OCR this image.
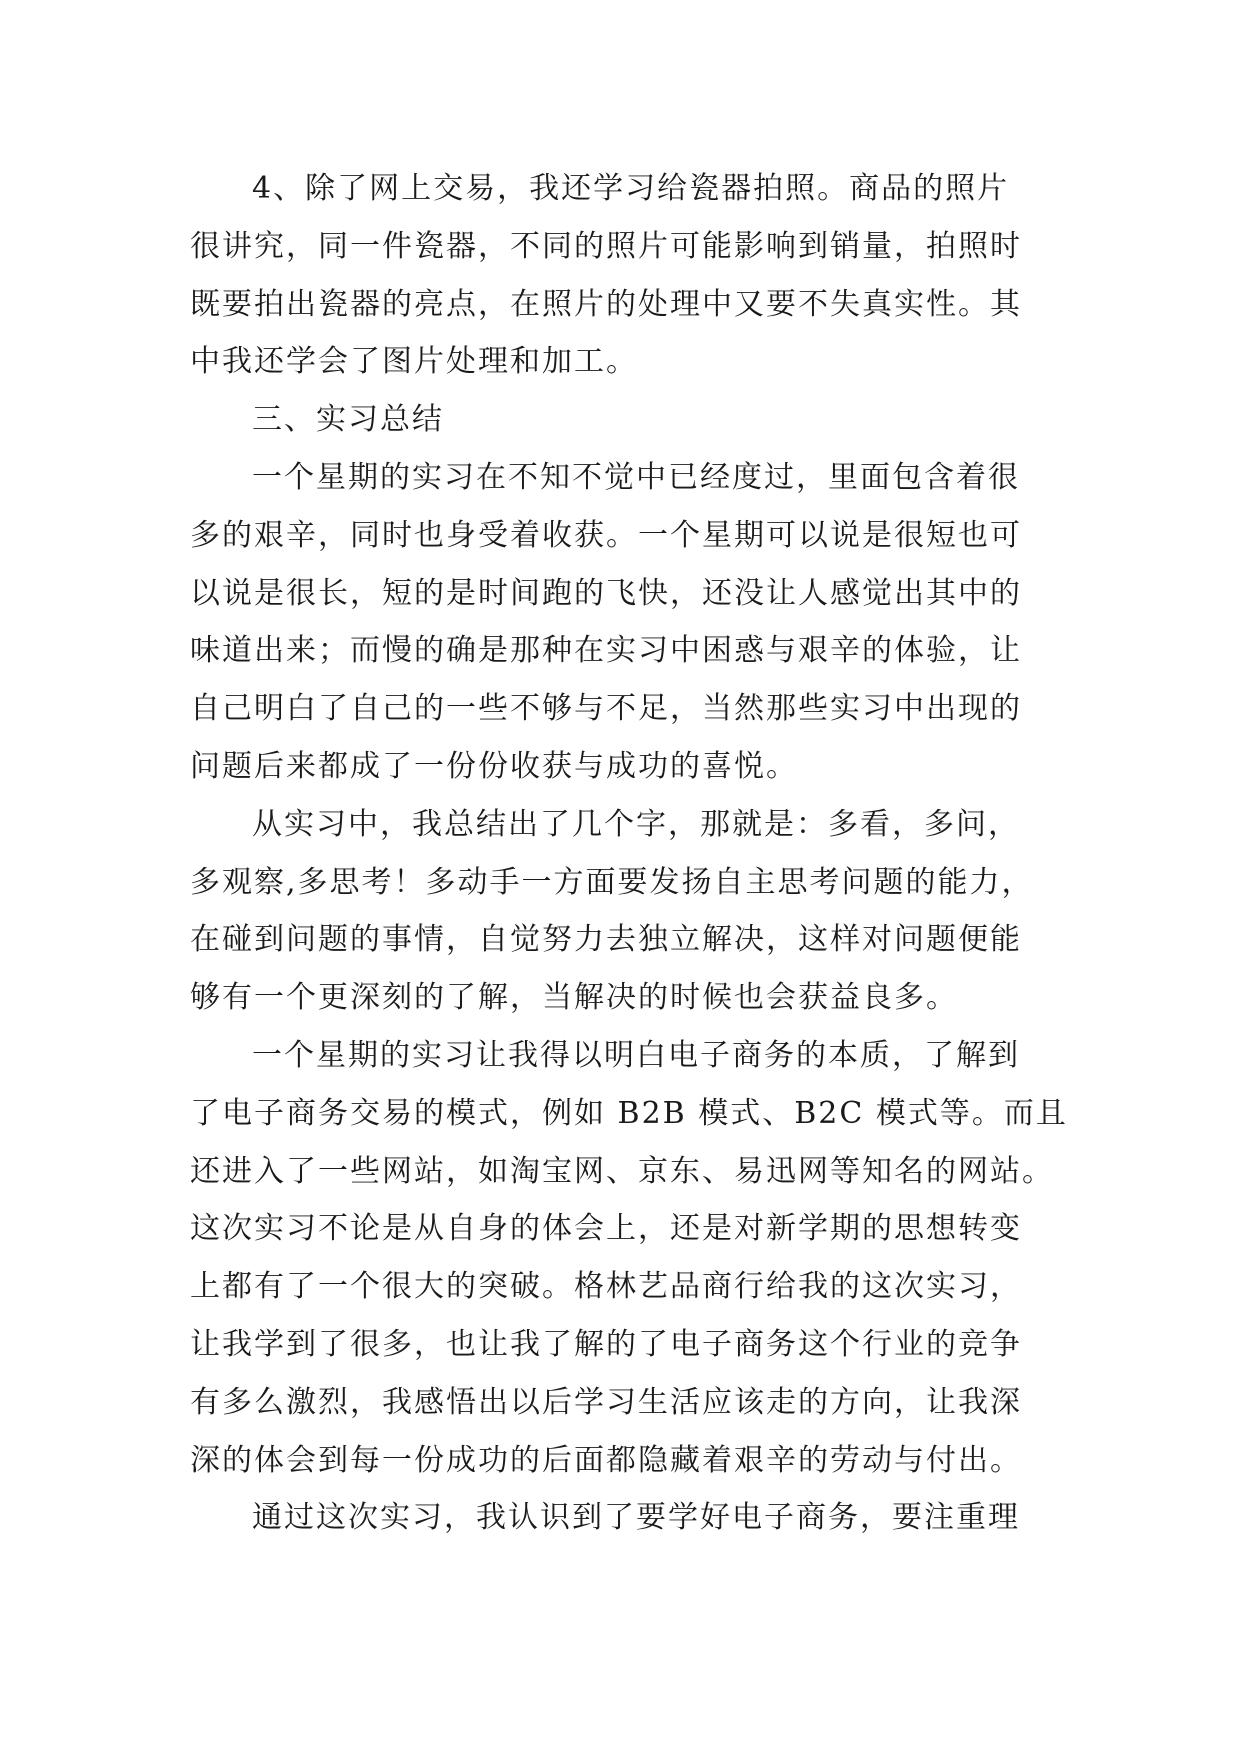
4、除了网上交易，我还学习给瓷器拍照。商品的照片
很讲究，同一件瓷器，不同的照片可能影响到销量，拍照时
既要拍出瓷器的亮点，在照片的处理中又要不失真实性。其
中我还学会了图片处理和加工。

三、实习总结

一个星期的实习在不知不觉中已经度过，里面包含着很
多的艰辛，同时也身受着收获。一个星期可以说是很短也可
以说是很长，短的是时间跑的飞快，还没让人感觉出其中的
味道出来；而慢的确是那种在实习中困惑与艰辛的体验，让
自己明白了自己的一些不够与不足，当然那些实习中出现的
问题后来都成了一份份收获与成功的喜悦。

从实习中，我总结出了几个字，那就是：多看，多问，
多观察,多思考！多动手一方面要发扬自主思考问题的能力，
在碰到问题的事情，自觉努力去独立解决，这样对问题便能
够有一个更深刻的了解，当解决的时候也会获益良多。

一个星期的实习让我得以明白电子商务的本质，了解到
了电子商务交易的模式，例如 B2B 模式、B2C 模式等。而且
还进入了一些网站，如淘宝网、京东、易迅网等知名的网站。
这次实习不论是从自身的体会上，还是对新学期的思想转变
上都有了一个很大的突破。格林艺品商行给我的这次实习，
让我学到了很多，也让我了解的了电子商务这个行业的竞争
有多么激烈，我感悟出以后学习生活应该走的方向，让我深
深的体会到每一份成功的后面都隐藏着艰辛的劳动与付出。

通过这次实习，我认识到了要学好电子商务，要注重理
